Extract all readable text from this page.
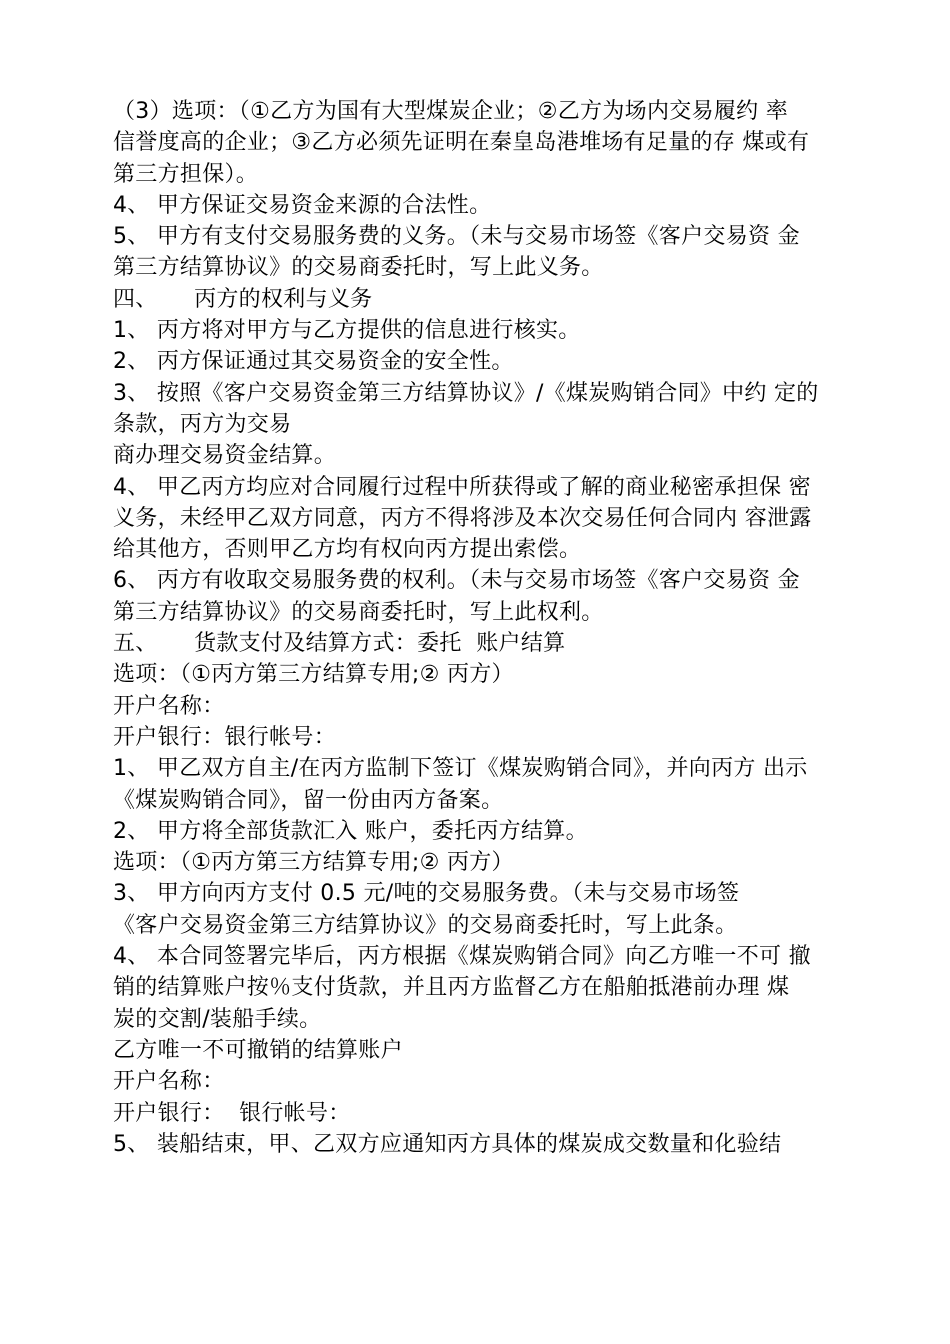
（3）选项：（①乙方为国有大型煤炭企业；②乙方为场内交易履约 率

信誉度高的企业；③乙方必须先证明在秦皇岛港堆场有足量的存 煤或有

第三方担保）。

4、 甲方保证交易资金来源的合法性。

5、 甲方有支付交易服务费的义务。（未与交易市场签《客户交易资 金

第三方结算协议》的交易商委托时，写上此义务。

四、     丙方的权利与义务

1、 丙方将对甲方与乙方提供的信息进行核实。

2、 丙方保证通过其交易资金的安全性。

3、 按照《客户交易资金第三方结算协议》/《煤炭购销合同》中约 定的

条款，丙方为交易

商办理交易资金结算。

4、 甲乙丙方均应对合同履行过程中所获得或了解的商业秘密承担保 密

义务，未经甲乙双方同意，丙方不得将涉及本次交易任何合同内 容泄露

给其他方，否则甲乙方均有权向丙方提出索偿。

6、 丙方有收取交易服务费的权利。（未与交易市场签《客户交易资 金

第三方结算协议》的交易商委托时，写上此权利。

五、     货款支付及结算方式：委托  账户结算

选项：（①丙方第三方结算专用;② 丙方）

开户名称：

开户银行：银行帐号：

1、 甲乙双方自主/在丙方监制下签订《煤炭购销合同》，并向丙方 出示

《煤炭购销合同》，留一份由丙方备案。

2、 甲方将全部货款汇入 账户，委托丙方结算。

选项：（①丙方第三方结算专用;② 丙方）

3、 甲方向丙方支付 0.5 元/吨的交易服务费。（未与交易市场签

《客户交易资金第三方结算协议》的交易商委托时，写上此条。

4、 本合同签署完毕后，丙方根据《煤炭购销合同》向乙方唯一不可 撤

销的结算账户按％支付货款，并且丙方监督乙方在船舶抵港前办理 煤

炭的交割/装船手续。

乙方唯一不可撤销的结算账户

开户名称：

开户银行：  银行帐号：

5、 装船结束，甲、乙双方应通知丙方具体的煤炭成交数量和化验结
